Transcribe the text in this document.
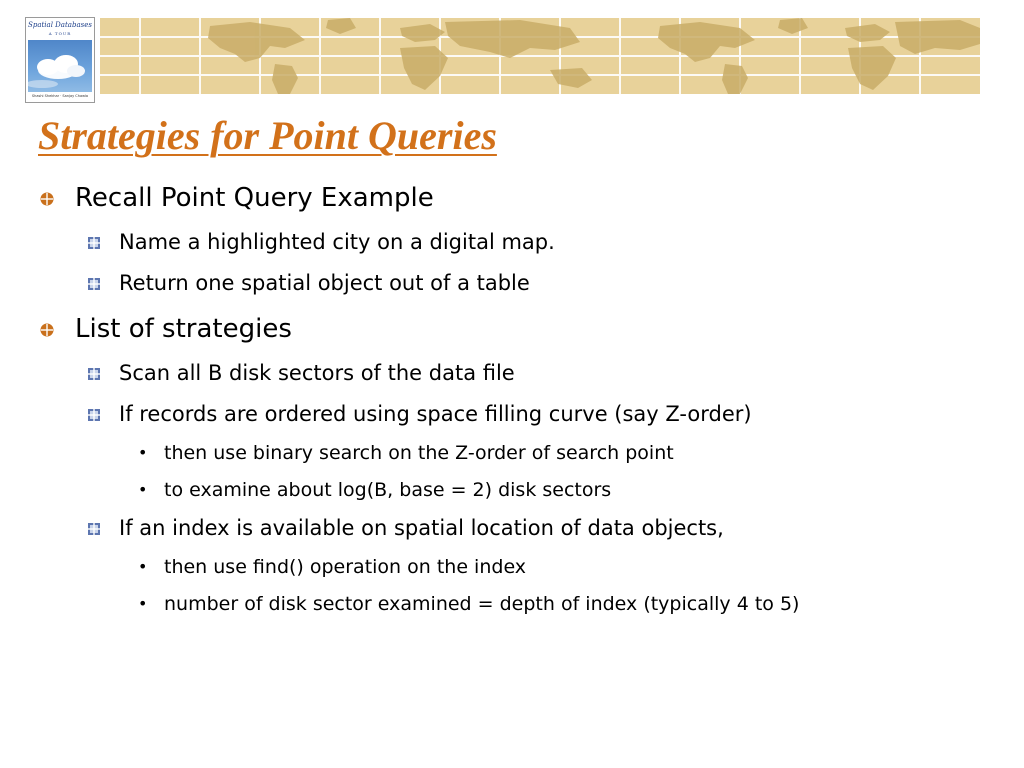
Spatial Databases
A TOUR
Shashi Shekhar · Sanjay Chawla
Strategies for Point Queries
Recall Point Query Example
Name a highlighted city on a digital map.
Return one spatial object out of a table
List of strategies
Scan all B disk sectors of the data file
If records are ordered using space filling curve (say Z-order)
• then use binary search on the Z-order of search point
• to examine about log(B, base = 2) disk sectors
If an index is available on spatial location of data objects,
• then use find() operation on the index
• number of disk sector examined = depth of index (typically 4 to 5)
